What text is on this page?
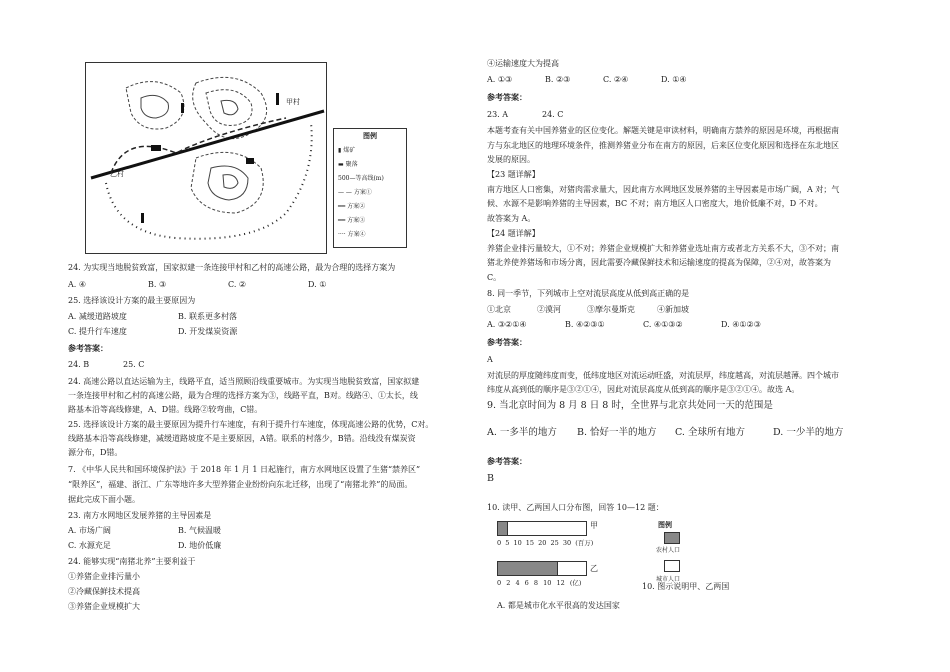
甲村
乙村
图例
▮ 煤矿
▬ 聚落
500—等高线(m)
— — 方案①
━━ 方案②
━━ 方案③
···· 方案④
24. 为实现当地脱贫致富，国家拟建一条连接甲村和乙村的高速公路，最为合理的选择方案为
A. ④	B. ③	C. ②	D. ①
25. 选择该设计方案的最主要原因为
A. 减缓道路坡度	B. 联系更多村落
C. 提升行车速度	D. 开发煤炭资源
参考答案：
24. B	25. C
24. 高速公路以直达运输为主，线路平直，适当照顾沿线重要城市。为实现当地脱贫致富，国家拟建
一条连接甲村和乙村的高速公路，最为合理的选择方案为③，线路平直，B对。线路④、①太长，线
路基本沿等高线修建，A、D错。线路②较弯曲，C错。
25. 选择该设计方案的最主要原因为提升行车速度，有利于提升行车速度，体现高速公路的优势，C对。
线路基本沿等高线修建，减缓道路坡度不是主要原因，A错。联系的村落少，B错。沿线没有煤炭资
源分布，D错。
7. 《中华人民共和国环境保护法》于 2018 年 1 月 1 日起施行，南方水网地区设置了生猪“禁养区”
“限养区”，福建、浙江、广东等地许多大型养猪企业纷纷向东北迁移，出现了“南猪北养”的局面。
据此完成下面小题。
23. 南方水网地区发展养猪的主导因素是
A. 市场广阔	B. 气候温暖
C. 水源充足	D. 地价低廉
24. 能够实现“南猪北养”主要利益于
①养猪企业排污量小
②冷藏保鲜技术提高
③养猪企业规模扩大
④运输速度大为提高
A. ①③	B. ②③	C. ②④	D. ①④
参考答案：
23. A	24. C
本题考查有关中国养猪业的区位变化。解题关键是审读材料，明确南方禁养的原因是环境，再根据南
方与东北地区的地理环境条件，推测养猪业分布在南方的原因，后来区位变化原因和选择在东北地区
发展的原因。
【23 题详解】
南方地区人口密集，对猪肉需求量大，因此南方水网地区发展养猪的主导因素是市场广阔，A 对；气
候、水源不是影响养猪的主导因素，BC 不对；南方地区人口密度大，地价低廉不对，D 不对。
故答案为 A。
【24 题详解】
养猪企业排污量较大，①不对；养猪企业规模扩大和养猪业选址南方或者北方关系不大，③不对；南
猪北养使养猪场和市场分离，因此需要冷藏保鲜技术和运输速度的提高为保障，②④对，故答案为
C。
8. 同一季节，下列城市上空对流层高度从低到高正确的是
①北京	②漠河	③摩尔曼斯克	④新加坡
A. ③②①④	B. ④②③①	C. ④①③②	D. ④①②③
参考答案：
A
对流层的厚度随纬度而变，低纬度地区对流运动旺盛，对流层厚，纬度越高，对流层越薄。四个城市
纬度从高到低的顺序是③②①④，因此对流层高度从低到高的顺序是③②①④。故选 A。
9. 当北京时间为 8 月 8 日 8 时，全世界与北京共处同一天的范围是
A. 一多半的地方 B. 恰好一半的地方 C. 全球所有地方	D. 一少半的地方
参考答案：
B
10. 读甲、乙两国人口分布图，回答 10—12 题：
10. 图示说明甲、乙两国
A. 都是城市化水平很高的发达国家
甲
0 5 10 15 20 25 30 (百万)
乙
0 2 4 6 8 10 12 (亿)
图例
农村人口
城市人口
